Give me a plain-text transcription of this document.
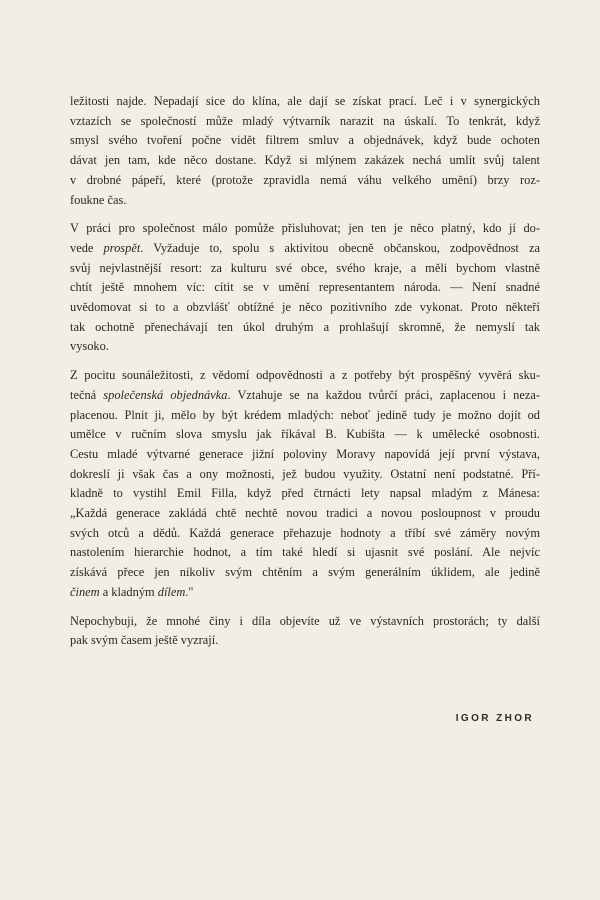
ležitosti najde. Nepadají sice do klína, ale dají se získat prací. Leč i v synergických
vztazích se společností může mladý výtvarník narazit na úskalí. To tenkrát, když
smysl svého tvoření počne vidět filtrem smluv a objednávek, když bude ochoten
dávat jen tam, kde něco dostane. Když si mlýnem zakázek nechá umlít svůj talent
v drobné pápeří, které (protože zpravidla nemá váhu velkého umění) brzy roz-
foukne čas.
V práci pro společnost málo pomůže přisluhovat; jen ten je něco platný, kdo jí do-
vede prospět. Vyžaduje to, spolu s aktivitou obecně občanskou, zodpovědnost za
svůj nejvlastnější resort: za kulturu své obce, svého kraje, a měli bychom vlastně
chtít ještě mnohem víc: cítit se v umění representantem národa. — Není snadné
uvědomovat si to a obzvlášť obtížné je něco pozitivního zde vykonat. Proto někteří
tak ochotně přenechávají ten úkol druhým a prohlašují skromně, že nemyslí tak
vysoko.
Z pocitu sounáležitosti, z vědomí odpovědnosti a z potřeby být prospěšný vyvěrá sku-
tečná společenská objednávka. Vztahuje se na každou tvůrčí práci, zaplacenou i neza-
placenou. Plnit ji, mělo by být krédem mladých: neboť jedině tudy je možno dojít od
umělce v ručním slova smyslu jak říkával B. Kubišta — k umělecké osobnosti.
Cestu mladé výtvarné generace jižní poloviny Moravy napovídá její první výstava,
dokreslí ji však čas a ony možnosti, jež budou využity. Ostatní není podstatné. Pří-
kladně to vystihl Emil Filla, když před čtrnácti lety napsal mladým z Mánesa:
„Každá generace zakládá chtě nechtě novou tradici a novou posloupnost v proudu
svých otců a dědů. Každá generace přehazuje hodnoty a tříbí své záměry novým
nastolením hierarchie hodnot, a tím také hledí si ujasnit své poslání. Ale nejvíc
získává přece jen nikoliv svým chtěním a svým generálním úklidem, ale jedině
činem a kladným dílem."
Nepochybuji, že mnohé činy i díla objevíte už ve výstavních prostorách; ty další
pak svým časem ještě vyzrají.
IGOR ZHOR
